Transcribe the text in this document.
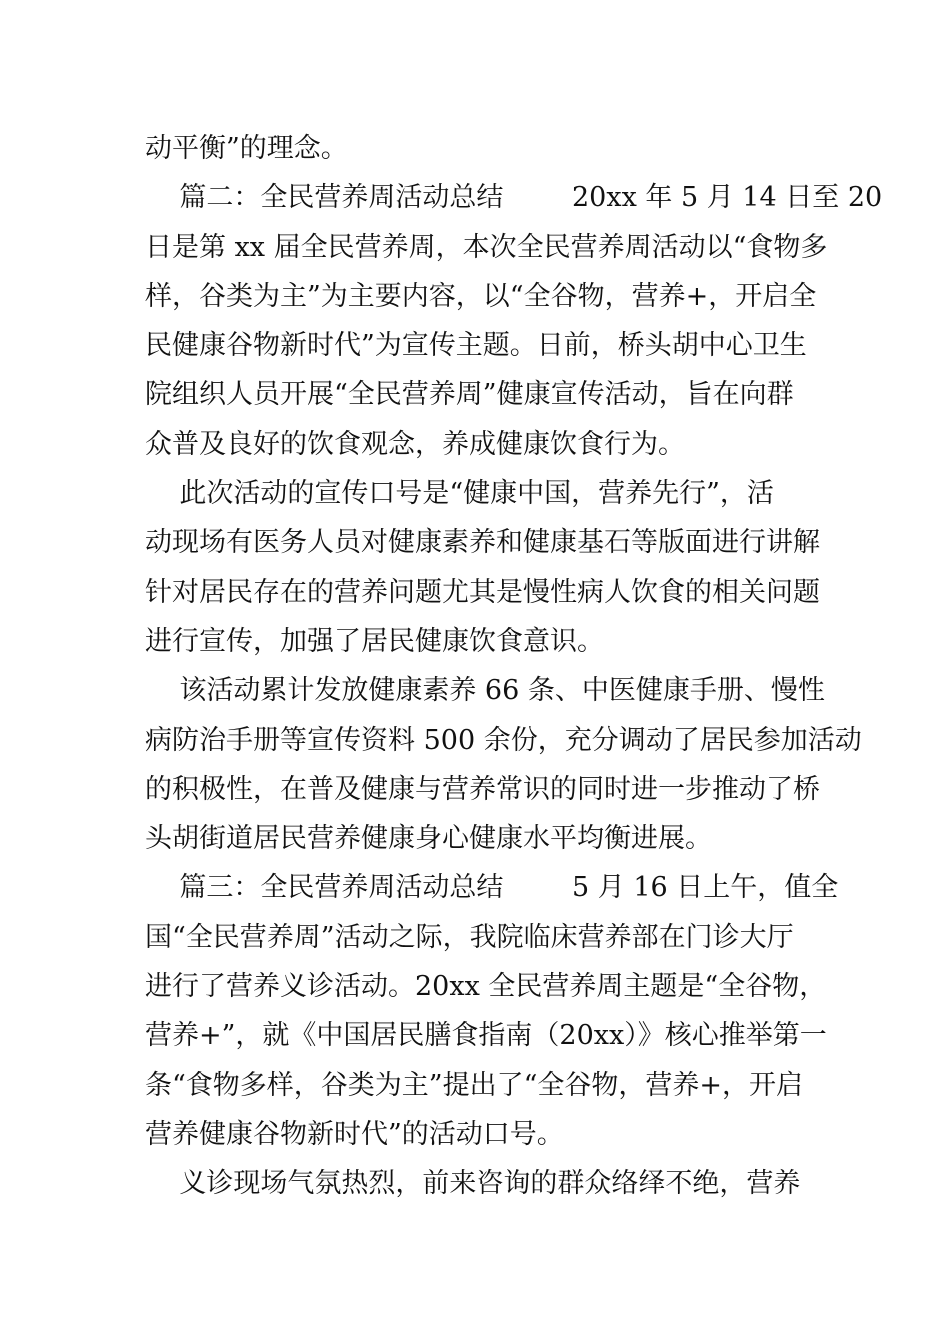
动平衡”的理念。
篇二：全民营养周活动总结        20xx 年 5 月 14 日至 20
日是第 xx 届全民营养周，本次全民营养周活动以“食物多
样，谷类为主”为主要内容，以“全谷物，营养+，开启全
民健康谷物新时代”为宣传主题。日前，桥头胡中心卫生
院组织人员开展“全民营养周”健康宣传活动，旨在向群
众普及良好的饮食观念，养成健康饮食行为。
此次活动的宣传口号是“健康中国，营养先行”，活
动现场有医务人员对健康素养和健康基石等版面进行讲解
针对居民存在的营养问题尤其是慢性病人饮食的相关问题
进行宣传，加强了居民健康饮食意识。
该活动累计发放健康素养 66 条、中医健康手册、慢性
病防治手册等宣传资料 500 余份，充分调动了居民参加活动
的积极性，在普及健康与营养常识的同时进一步推动了桥
头胡街道居民营养健康身心健康水平均衡进展。
篇三：全民营养周活动总结        5 月 16 日上午，值全
国“全民营养周”活动之际，我院临床营养部在门诊大厅
进行了营养义诊活动。20xx 全民营养周主题是“全谷物，
营养+”，就《中国居民膳食指南（20xx）》核心推举第一
条“食物多样，谷类为主”提出了“全谷物，营养+，开启
营养健康谷物新时代”的活动口号。
义诊现场气氛热烈，前来咨询的群众络绎不绝，营养
